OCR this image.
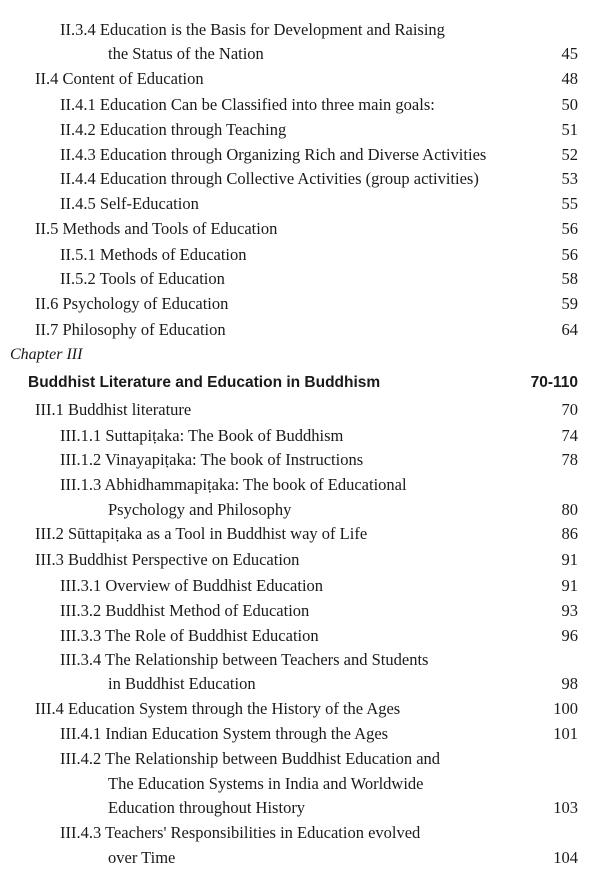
II.3.4 Education is the Basis for Development and Raising
the Status of the Nation	45
II.4 Content of Education	48
II.4.1 Education Can be Classified into three main goals:	50
II.4.2 Education through Teaching	51
II.4.3 Education through Organizing Rich and Diverse Activities	52
II.4.4 Education through Collective Activities (group activities)	53
II.4.5 Self-Education	55
II.5 Methods and Tools of Education	56
II.5.1 Methods of Education	56
II.5.2 Tools of Education	58
II.6 Psychology of Education	59
II.7 Philosophy of Education	64
Chapter III
Buddhist Literature and Education in Buddhism	70-110
III.1 Buddhist literature	70
III.1.1 Suttapiṭaka: The Book of Buddhism	74
III.1.2 Vinayapiṭaka: The book of Instructions	78
III.1.3 Abhidhammapiṭaka: The book of Educational
Psychology and Philosophy	80
III.2 Sūttapiṭaka as a Tool in Buddhist way of Life	86
III.3 Buddhist Perspective on Education	91
III.3.1 Overview of Buddhist Education	91
III.3.2 Buddhist Method of Education	93
III.3.3 The Role of Buddhist Education	96
III.3.4 The Relationship between Teachers and Students
in Buddhist Education	98
III.4 Education System through the History of the Ages	100
III.4.1 Indian Education System through the Ages	101
III.4.2 The Relationship between Buddhist Education and
The Education Systems in India and Worldwide
Education throughout History	103
III.4.3 Teachers' Responsibilities in Education evolved
over Time	104
